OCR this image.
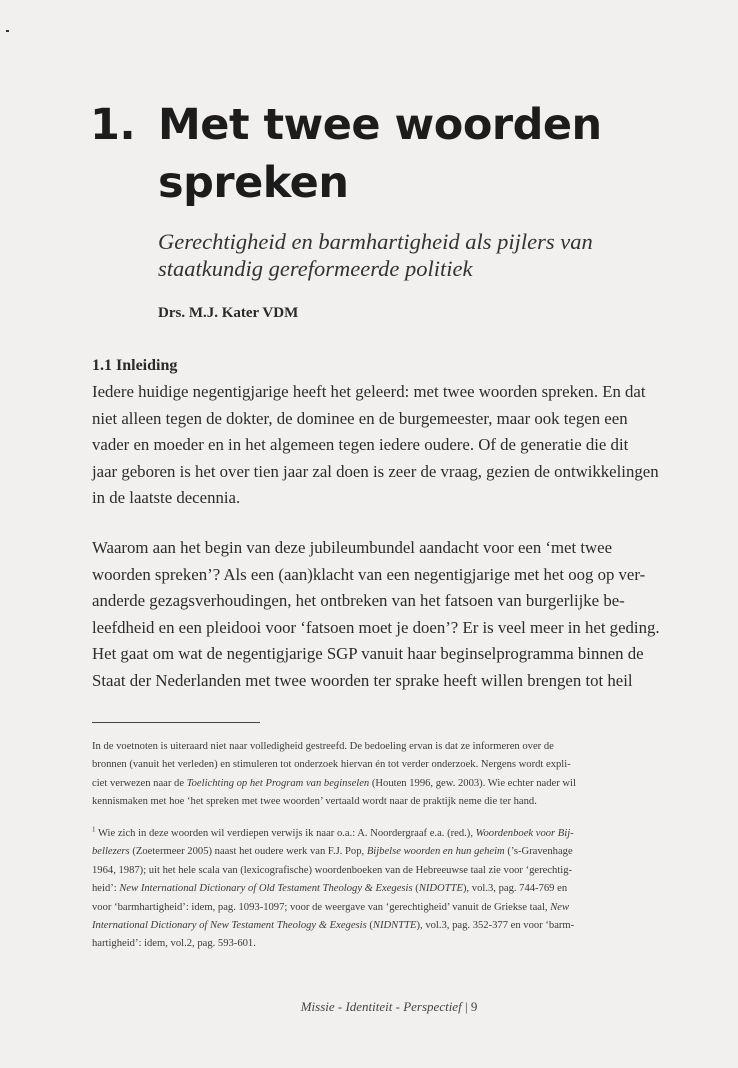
1. Met twee woorden
spreken
Gerechtigheid en barmhartigheid als pijlers van
staatkundig gereformeerde politiek
Drs. M.J. Kater VDM
1.1 Inleiding
Iedere huidige negentigjarige heeft het geleerd: met twee woorden spreken. En dat
niet alleen tegen de dokter, de dominee en de burgemeester, maar ook tegen een
vader en moeder en in het algemeen tegen iedere oudere. Of de generatie die dit
jaar geboren is het over tien jaar zal doen is zeer de vraag, gezien de ontwikkelingen
in de laatste decennia.
Waarom aan het begin van deze jubileumbundel aandacht voor een ‘met twee
woorden spreken’? Als een (aan)klacht van een negentigjarige met het oog op ver-
anderde gezagsverhoudingen, het ontbreken van het fatsoen van burgerlijke be-
leefdheid en een pleidooi voor ‘fatsoen moet je doen’? Er is veel meer in het geding.
Het gaat om wat de negentigjarige SGP vanuit haar beginselprogramma binnen de
Staat der Nederlanden met twee woorden ter sprake heeft willen brengen tot heil
In de voetnoten is uiteraard niet naar volledigheid gestreefd. De bedoeling ervan is dat ze informeren over de
bronnen (vanuit het verleden) en stimuleren tot onderzoek hiervan én tot verder onderzoek. Nergens wordt expli-
ciet verwezen naar de Toelichting op het Program van beginselen (Houten 1996, gew. 2003). Wie echter nader wil
kennismaken met hoe ‘het spreken met twee woorden’ vertaald wordt naar de praktijk neme die ter hand.
$^1$ Wie zich in deze woorden wil verdiepen verwijs ik naar o.a.: A. Noordergraaf e.a. (red.), Woordenboek voor Bij-
bellezers (Zoetermeer 2005) naast het oudere werk van F.J. Pop, Bijbelse woorden en hun geheim (’s-Gravenhage
1964, 1987); uit het hele scala van (lexicografische) woordenboeken van de Hebreeuwse taal zie voor ‘gerechtig-
heid’: New International Dictionary of Old Testament Theology & Exegesis (NIDOTTE), vol.3, pag. 744-769 en
voor ‘barmhartigheid’: idem, pag. 1093-1097; voor de weergave van ‘gerechtigheid’ vanuit de Griekse taal, New
International Dictionary of New Testament Theology & Exegesis (NIDNTTE), vol.3, pag. 352-377 en voor ‘barm-
hartigheid’: idem, vol.2, pag. 593-601.
Missie - Identiteit - Perspectief | 9
